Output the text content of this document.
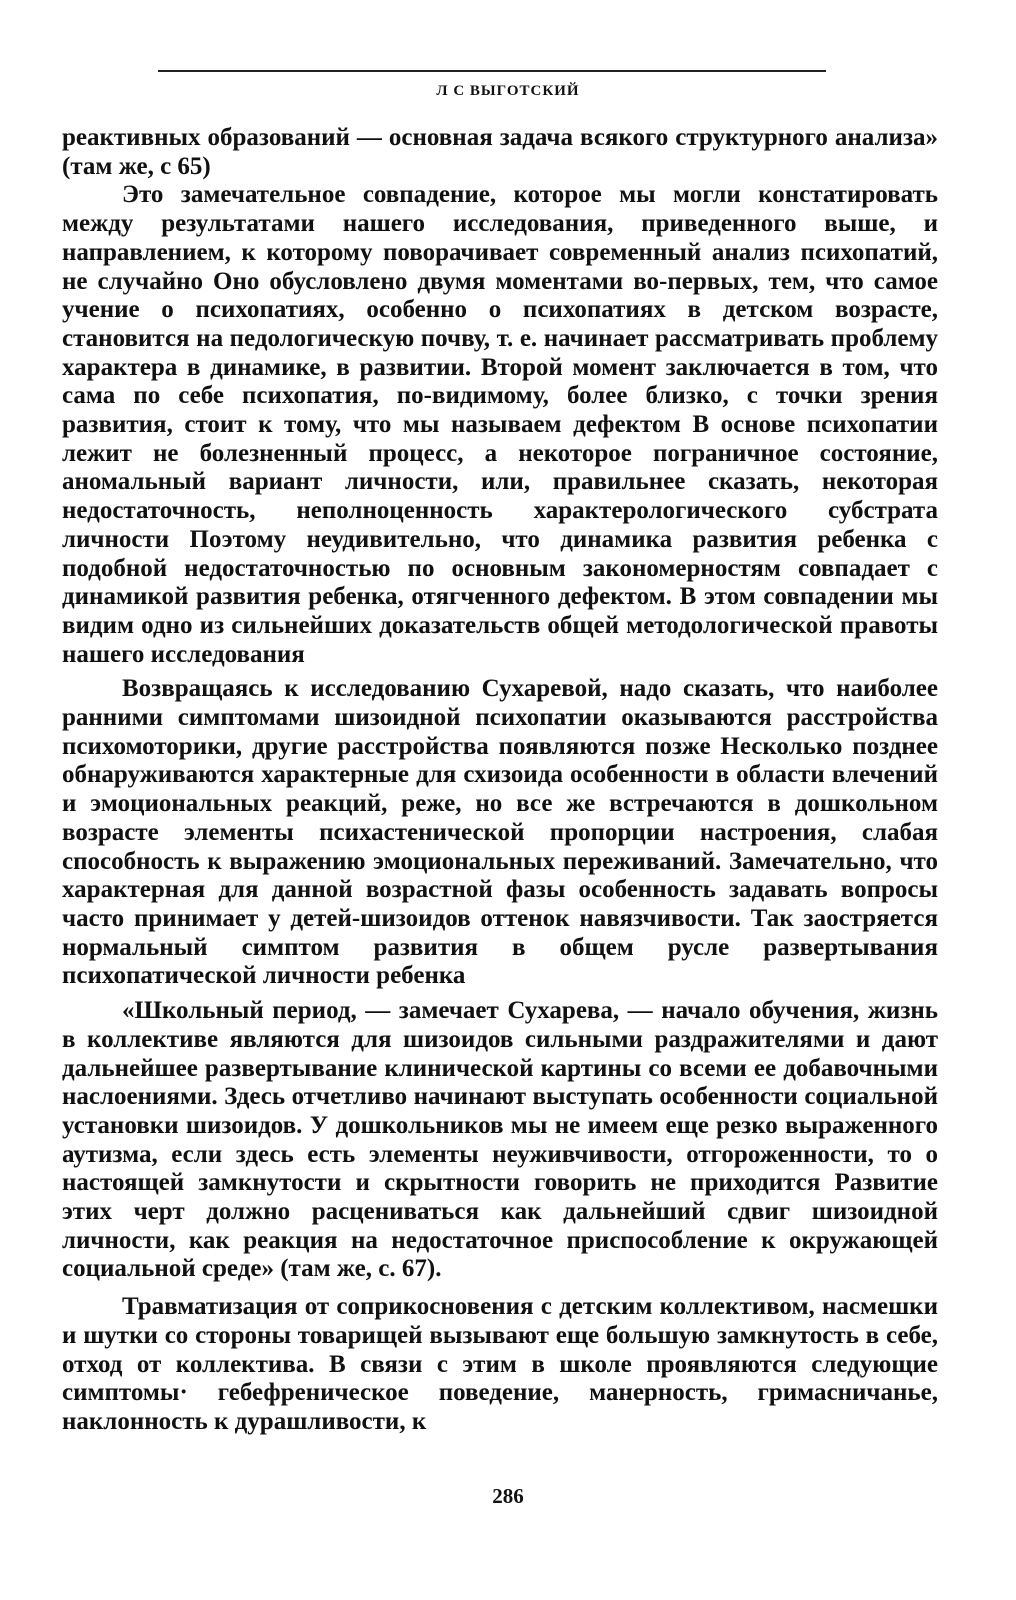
Л С ВЫГОТСКИЙ

реактивных образований — основная задача всякого структурного анализа» (там же, с 65)

Это замечательное совпадение, которое мы могли констатировать между результатами нашего исследования, приведенного выше, и направлением, к которому поворачивает современный анализ психопатий, не случайно Оно обусловлено двумя моментами во-первых, тем, что самое учение о психопатиях, особенно о психопатиях в детском возрасте, становится на педологическую почву, т. е. начинает рассматривать проблему характера в динамике, в развитии. Второй момент заключается в том, что сама по себе психопатия, по-видимому, более близко, с точки зрения развития, стоит к тому, что мы называем дефектом В основе психопатии лежит не болезненный процесс, а некоторое пограничное состояние, аномальный вариант личности, или, правильнее сказать, некоторая недостаточность, неполноценность характерологического субстрата личности Поэтому неудивительно, что динамика развития ребенка с подобной недостаточностью по основным закономерностям совпадает с динамикой развития ребенка, отягченного дефектом. В этом совпадении мы видим одно из сильнейших доказательств общей методологической правоты нашего исследования

Возвращаясь к исследованию Сухаревой, надо сказать, что наиболее ранними симптомами шизоидной психопатии оказываются расстройства психомоторики, другие расстройства появляются позже Несколько позднее обнаруживаются характерные для схизоида особенности в области влечений и эмоциональных реакций, реже, но все же встречаются в дошкольном возрасте элементы психастенической пропорции настроения, слабая способность к выражению эмоциональных переживаний. Замечательно, что характерная для данной возрастной фазы особенность задавать вопросы часто принимает у детей-шизоидов оттенок навязчивости. Так заостряется нормальный симптом развития в общем русле развертывания психопатической личности ребенка

«Школьный период, — замечает Сухарева, — начало обучения, жизнь в коллективе являются для шизоидов сильными раздражителями и дают дальнейшее развертывание клинической картины со всеми ее добавочными наслоениями. Здесь отчетливо начинают выступать особенности социальной установки шизоидов. У дошкольников мы не имеем еще резко выраженного аутизма, если здесь есть элементы неуживчивости, отгороженности, то о настоящей замкнутости и скрытности говорить не приходится Развитие этих черт должно расцениваться как дальнейший сдвиг шизоидной личности, как реакция на недостаточное приспособление к окружающей социальной среде» (там же, с. 67).

Травматизация от соприкосновения с детским коллективом, насмешки и шутки со стороны товарищей вызывают еще большую замкнутость в себе, отход от коллектива. В связи с этим в школе проявляются следующие симптомы· гебефреническое поведение, манерность, гримасничанье, наклонность к дурашливости, к

286
